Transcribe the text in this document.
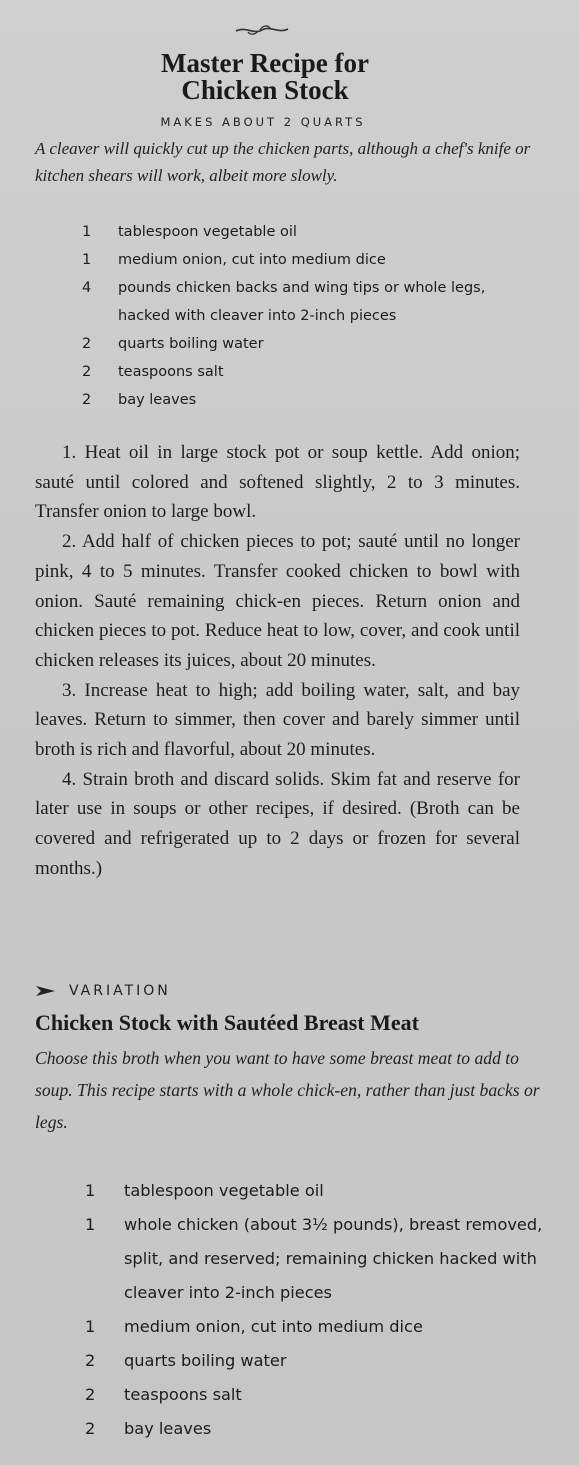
Master Recipe for
Chicken Stock
MAKES ABOUT 2 QUARTS

A cleaver will quickly cut up the chicken parts, although a chef's knife or kitchen shears will work, albeit more slowly.

1	tablespoon vegetable oil
1	medium onion, cut into medium dice
4	pounds chicken backs and wing tips or whole legs, hacked with cleaver into 2-inch pieces
2	quarts boiling water
2	teaspoons salt
2	bay leaves

1. Heat oil in large stock pot or soup kettle. Add onion; sauté until colored and softened slightly, 2 to 3 minutes. Transfer onion to large bowl.

2. Add half of chicken pieces to pot; sauté until no longer pink, 4 to 5 minutes. Transfer cooked chicken to bowl with onion. Sauté remaining chick-en pieces. Return onion and chicken pieces to pot. Reduce heat to low, cover, and cook until chicken releases its juices, about 20 minutes.

3. Increase heat to high; add boiling water, salt, and bay leaves. Return to simmer, then cover and barely simmer until broth is rich and flavorful, about 20 minutes.

4. Strain broth and discard solids. Skim fat and reserve for later use in soups or other recipes, if desired. (Broth can be covered and refrigerated up to 2 days or frozen for several months.)

VARIATION
Chicken Stock with Sautéed Breast Meat

Choose this broth when you want to have some breast meat to add to soup. This recipe starts with a whole chick-en, rather than just backs or legs.

1	tablespoon vegetable oil
1	whole chicken (about 3½ pounds), breast removed, split, and reserved; remaining chicken hacked with cleaver into 2-inch pieces
1	medium onion, cut into medium dice
2	quarts boiling water
2	teaspoons salt
2	bay leaves
